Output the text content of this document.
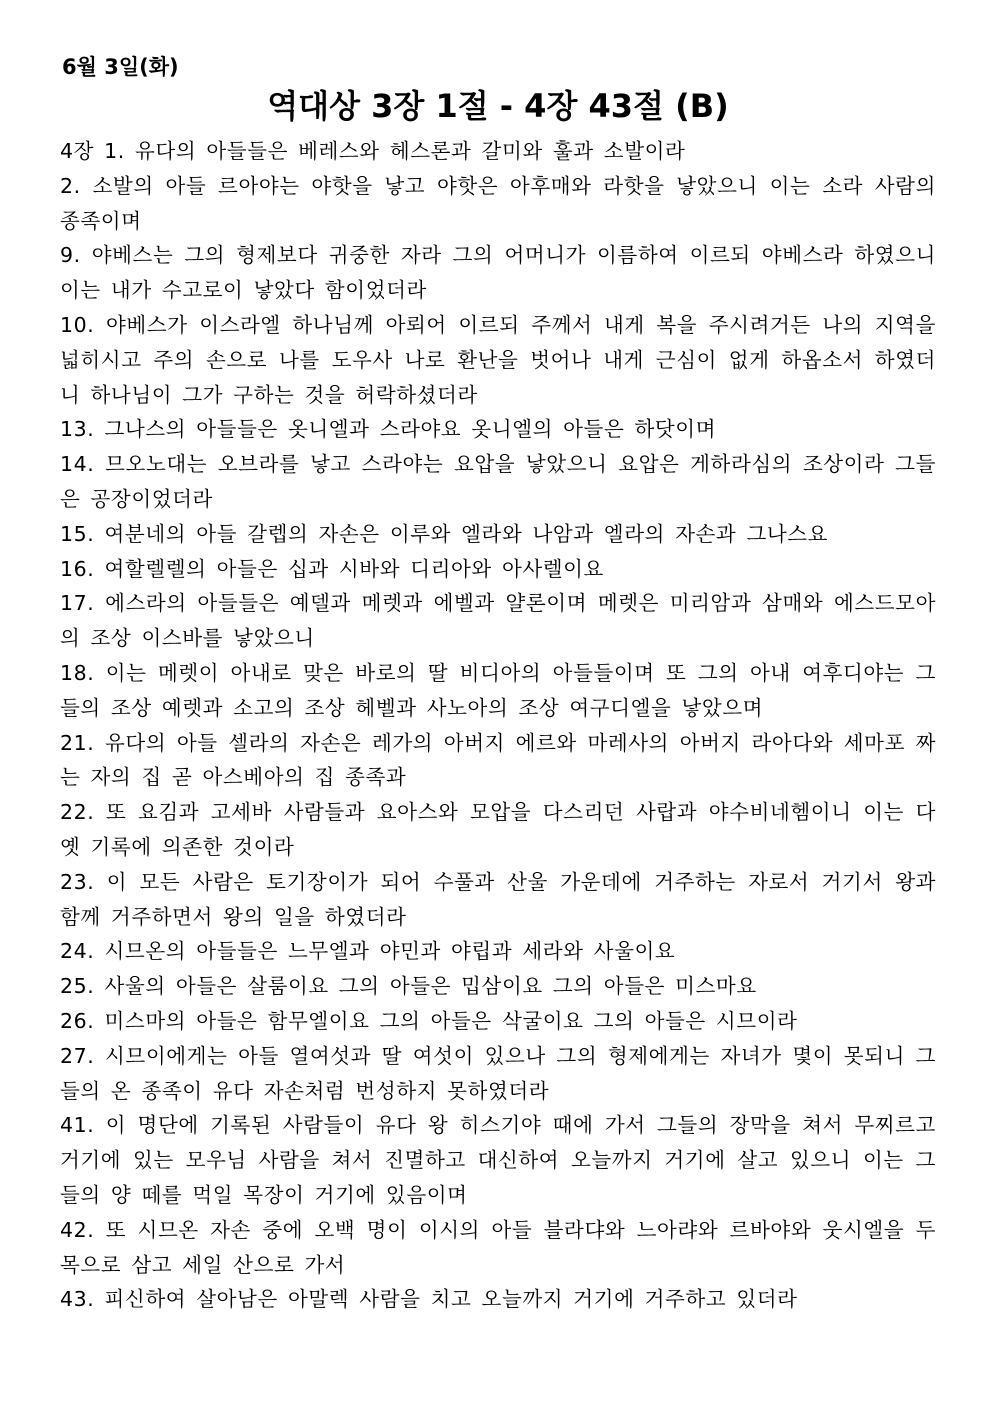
6월 3일(화)
역대상 3장 1절 - 4장 43절 (B)
4장 1. 유다의 아들들은 베레스와 헤스론과 갈미와 훌과 소발이라
2. 소발의 아들 르아야는 야핫을 낳고 야핫은 아후매와 라핫을 낳았으니 이는 소라 사람의 종족이며
9. 야베스는 그의 형제보다 귀중한 자라 그의 어머니가 이름하여 이르되 야베스라 하였으니 이는 내가 수고로이 낳았다 함이었더라
10. 야베스가 이스라엘 하나님께 아뢰어 이르되 주께서 내게 복을 주시려거든 나의 지역을 넓히시고 주의 손으로 나를 도우사 나로 환난을 벗어나 내게 근심이 없게 하옵소서 하였더니 하나님이 그가 구하는 것을 허락하셨더라
13. 그나스의 아들들은 옷니엘과 스라야요 옷니엘의 아들은 하닷이며
14. 므오노대는 오브라를 낳고 스라야는 요압을 낳았으니 요압은 게하라심의 조상이라 그들은 공장이었더라
15. 여분네의 아들 갈렙의 자손은 이루와 엘라와 나암과 엘라의 자손과 그나스요
16. 여할렐렐의 아들은 십과 시바와 디리아와 아사렐이요
17. 에스라의 아들들은 예델과 메렛과 에벨과 얄론이며 메렛은 미리암과 삼매와 에스드모아의 조상 이스바를 낳았으니
18. 이는 메렛이 아내로 맞은 바로의 딸 비디아의 아들들이며 또 그의 아내 여후디야는 그들의 조상 예렛과 소고의 조상 헤벨과 사노아의 조상 여구디엘을 낳았으며
21. 유다의 아들 셀라의 자손은 레가의 아버지 에르와 마레사의 아버지 라아다와 세마포 짜는 자의 집 곧 아스베아의 집 종족과
22. 또 요김과 고세바 사람들과 요아스와 모압을 다스리던 사랍과 야수비네헴이니 이는 다 옛 기록에 의존한 것이라
23. 이 모든 사람은 토기장이가 되어 수풀과 산울 가운데에 거주하는 자로서 거기서 왕과 함께 거주하면서 왕의 일을 하였더라
24. 시므온의 아들들은 느무엘과 야민과 야립과 세라와 사울이요
25. 사울의 아들은 살룸이요 그의 아들은 밉삼이요 그의 아들은 미스마요
26. 미스마의 아들은 함무엘이요 그의 아들은 삭굴이요 그의 아들은 시므이라
27. 시므이에게는 아들 열여섯과 딸 여섯이 있으나 그의 형제에게는 자녀가 몇이 못되니 그들의 온 종족이 유다 자손처럼 번성하지 못하였더라
41. 이 명단에 기록된 사람들이 유다 왕 히스기야 때에 가서 그들의 장막을 쳐서 무찌르고 거기에 있는 모우님 사람을 쳐서 진멸하고 대신하여 오늘까지 거기에 살고 있으니 이는 그들의 양 떼를 먹일 목장이 거기에 있음이며
42. 또 시므온 자손 중에 오백 명이 이시의 아들 블라댜와 느아랴와 르바야와 웃시엘을 두목으로 삼고 세일 산으로 가서
43. 피신하여 살아남은 아말렉 사람을 치고 오늘까지 거기에 거주하고 있더라
